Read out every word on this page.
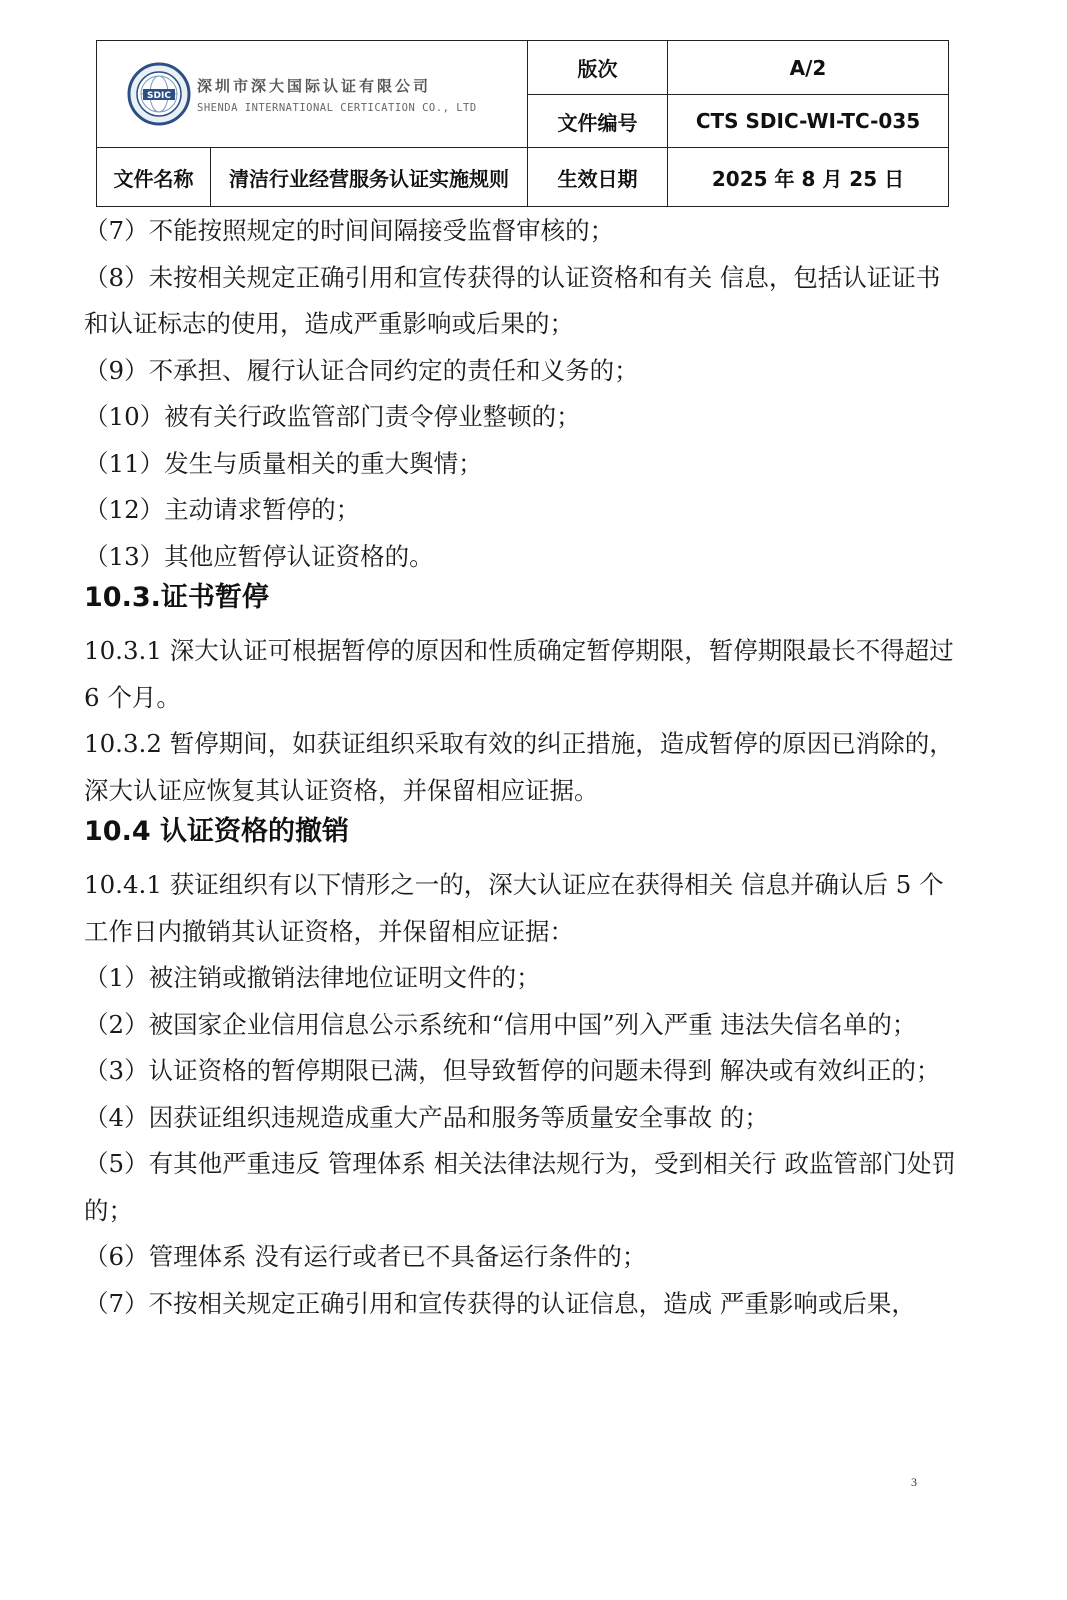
SDIC
深圳市深大国际认证有限公司
SHENDA INTERNATIONAL CERTICATION CO., LTD		版次	A/2
		文件编号	CTS SDIC-WI-TC-035
文件名称	清洁行业经营服务认证实施规则	生效日期	2025 年 8 月 25 日

（7）不能按照规定的时间间隔接受监督审核的；

（8）未按相关规定正确引用和宣传获得的认证资格和有关 信息，包括认证证书和认证标志的使用，造成严重影响或后果的；

（9）不承担、履行认证合同约定的责任和义务的；

（10）被有关行政监管部门责令停业整顿的；

（11）发生与质量相关的重大舆情；

（12）主动请求暂停的；

（13）其他应暂停认证资格的。

10.3.证书暂停

10.3.1 深大认证可根据暂停的原因和性质确定暂停期限，暂停期限最长不得超过 6 个月。

10.3.2 暂停期间，如获证组织采取有效的纠正措施，造成暂停的原因已消除的，深大认证应恢复其认证资格，并保留相应证据。

10.4 认证资格的撤销

10.4.1 获证组织有以下情形之一的，深大认证应在获得相关 信息并确认后 5 个工作日内撤销其认证资格，并保留相应证据：

（1）被注销或撤销法律地位证明文件的；

（2）被国家企业信用信息公示系统和“信用中国”列入严重 违法失信名单的；

（3）认证资格的暂停期限已满，但导致暂停的问题未得到 解决或有效纠正的；

（4）因获证组织违规造成重大产品和服务等质量安全事故 的；

（5）有其他严重违反 管理体系 相关法律法规行为，受到相关行 政监管部门处罚的；

（6）管理体系 没有运行或者已不具备运行条件的；

（7）不按相关规定正确引用和宣传获得的认证信息，造成 严重影响或后果，

3
